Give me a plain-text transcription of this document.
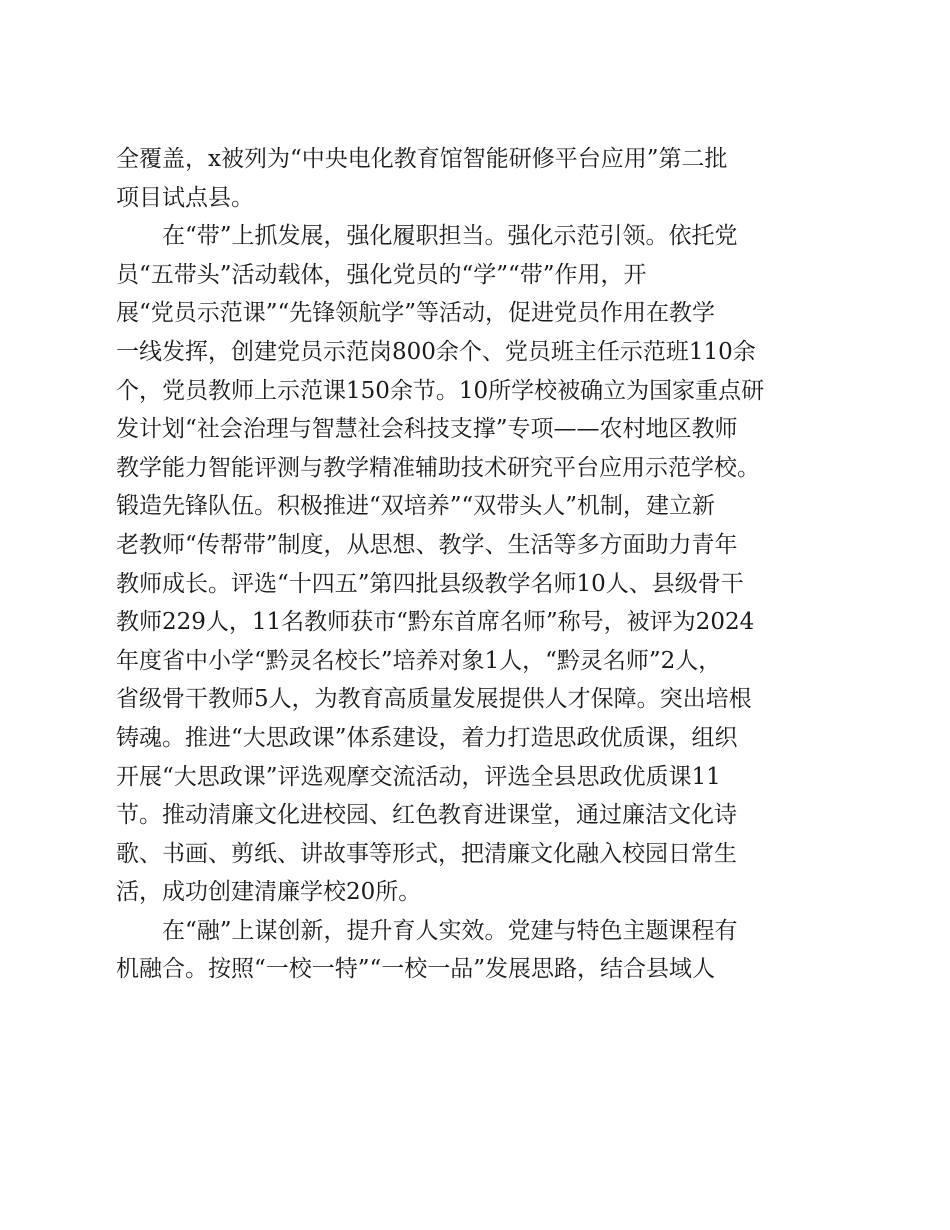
全覆盖，x被列为“中央电化教育馆智能研修平台应用”第二批
项目试点县。
在“带”上抓发展，强化履职担当。强化示范引领。依托党
员“五带头”活动载体，强化党员的“学”“带”作用，开
展“党员示范课”“先锋领航学”等活动，促进党员作用在教学
一线发挥，创建党员示范岗800余个、党员班主任示范班110余
个，党员教师上示范课150余节。10所学校被确立为国家重点研
发计划“社会治理与智慧社会科技支撑”专项——农村地区教师
教学能力智能评测与教学精准辅助技术研究平台应用示范学校。
锻造先锋队伍。积极推进“双培养”“双带头人”机制，建立新
老教师“传帮带”制度，从思想、教学、生活等多方面助力青年
教师成长。评选“十四五”第四批县级教学名师10人、县级骨干
教师229人，11名教师获市“黔东首席名师”称号，被评为2024
年度省中小学“黔灵名校长”培养对象1人，“黔灵名师”2人，
省级骨干教师5人，为教育高质量发展提供人才保障。突出培根
铸魂。推进“大思政课”体系建设，着力打造思政优质课，组织
开展“大思政课”评选观摩交流活动，评选全县思政优质课11
节。推动清廉文化进校园、红色教育进课堂，通过廉洁文化诗
歌、书画、剪纸、讲故事等形式，把清廉文化融入校园日常生
活，成功创建清廉学校20所。
在“融”上谋创新，提升育人实效。党建与特色主题课程有
机融合。按照“一校一特”“一校一品”发展思路，结合县域人
